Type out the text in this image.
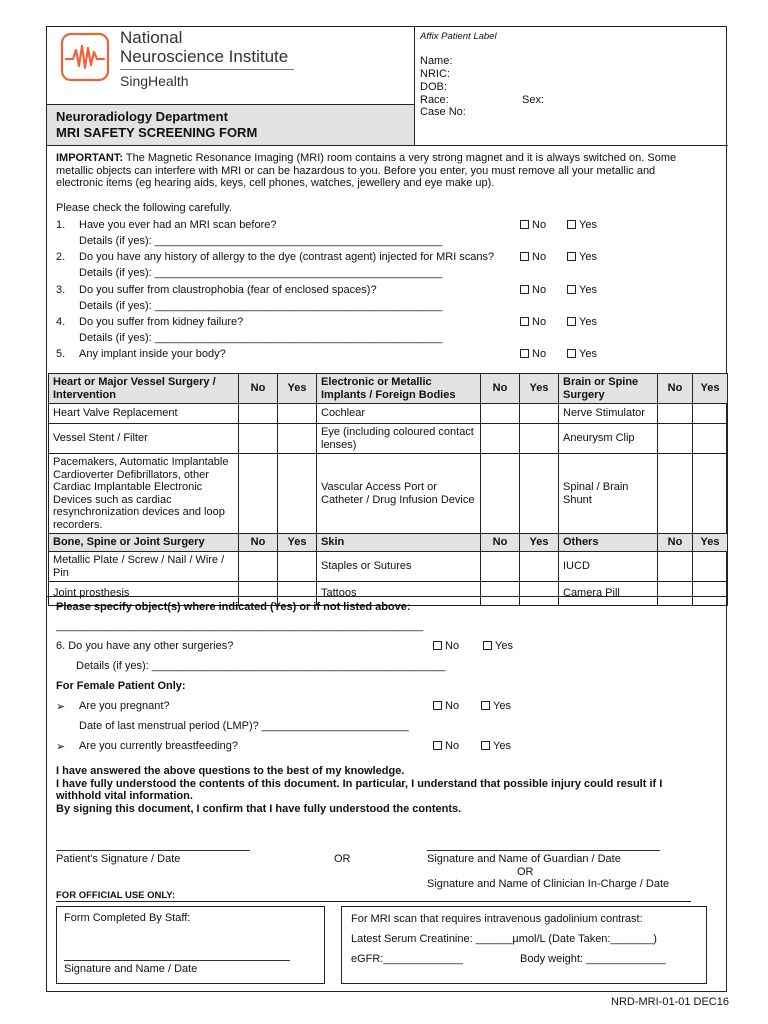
National
Neuroscience Institute
SingHealth
Neuroradiology Department
MRI SAFETY SCREENING FORM
Affix Patient Label
Name:
NRIC:
DOB:
Race:	Sex:
Case No:
IMPORTANT: The Magnetic Resonance Imaging (MRI) room contains a very strong magnet and it is always switched on. Some
metallic objects can interfere with MRI or can be hazardous to you. Before you enter, you must remove all your metallic and
electronic items (eg hearing aids, keys, cell phones, watches, jewellery and eye make up).
Please check the following carefully.
1. Have you ever had an MRI scan before?	No	Yes
Details (if yes): _______________________________________________
2. Do you have any history of allergy to the dye (contrast agent) injected for MRI scans?	No	Yes
Details (if yes): _______________________________________________
3. Do you suffer from claustrophobia (fear of enclosed spaces)?	No	Yes
Details (if yes): _______________________________________________
4. Do you suffer from kidney failure?	No	Yes
Details (if yes): _______________________________________________
5. Any implant inside your body?	No	Yes
Heart or Major Vessel Surgery / Intervention	No	Yes	Electronic or Metallic Implants / Foreign Bodies	No	Yes	Brain or Spine Surgery	No	Yes
Heart Valve Replacement			Cochlear			Nerve Stimulator		
Vessel Stent / Filter			Eye (including coloured contact lenses)			Aneurysm Clip		
Pacemakers, Automatic Implantable Cardioverter Defibrillators, other Cardiac Implantable Electronic Devices such as cardiac resynchronization devices and loop recorders.			Vascular Access Port or Catheter / Drug Infusion Device			Spinal / Brain Shunt		
Bone, Spine or Joint Surgery	No	Yes	Skin	No	Yes	Others	No	Yes
Metallic Plate / Screw / Nail / Wire / Pin			Staples or Sutures			IUCD		
Joint prosthesis			Tattoos			Camera Pill		
Please specify object(s) where indicated (Yes) or if not listed above:
____________________________________________________________
6. Do you have any other surgeries?	No	Yes
Details (if yes): ________________________________________________
For Female Patient Only:
➢ Are you pregnant?	No	Yes
Date of last menstrual period (LMP)? ________________________
➢ Are you currently breastfeeding?	No	Yes
I have answered the above questions to the best of my knowledge.
I have fully understood the contents of this document. In particular, I understand that possible injury could result if I
withhold vital information.
By signing this document, I confirm that I have fully understood the contents.
Patient's Signature / Date	OR	Signature and Name of Guardian / Date
OR
Signature and Name of Clinician In-Charge / Date
FOR OFFICIAL USE ONLY:
Form Completed By Staff:
Signature and Name / Date
For MRI scan that requires intravenous gadolinium contrast:
Latest Serum Creatinine: ______µmol/L (Date Taken:_______)
eGFR:_____________	Body weight: _____________
NRD-MRI-01-01 DEC16
